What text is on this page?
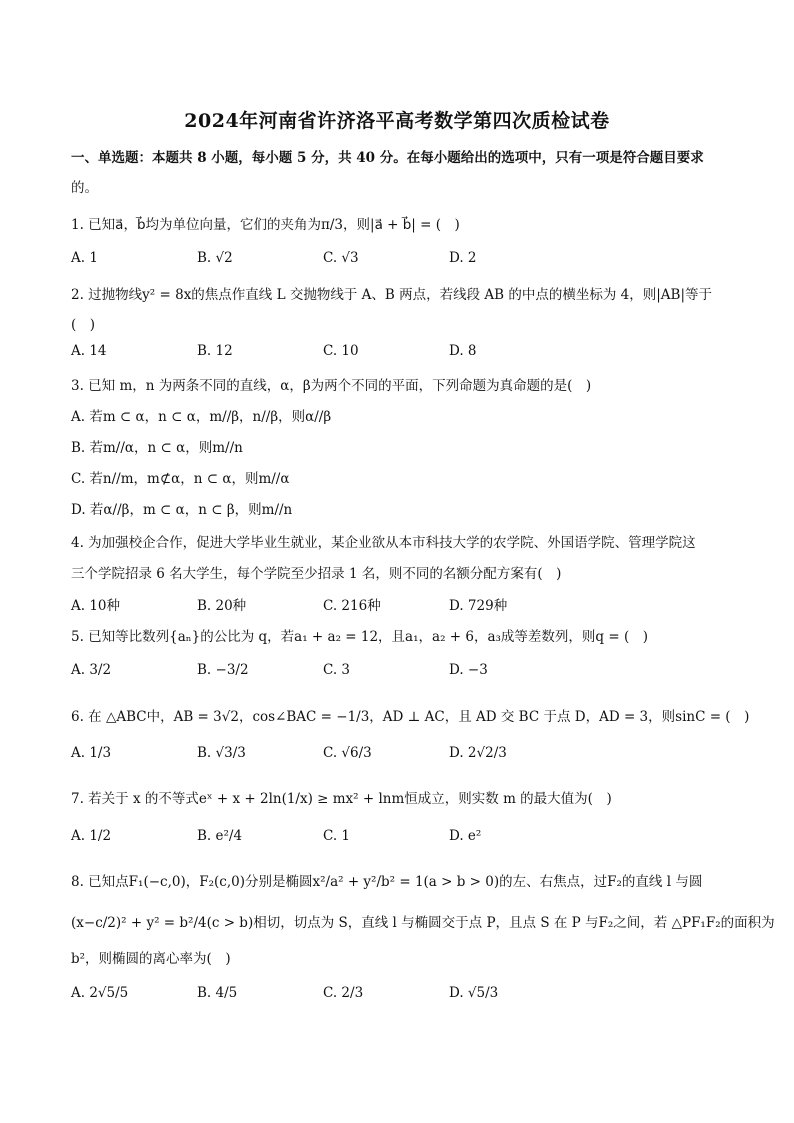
2024年河南省许济洛平高考数学第四次质检试卷
一、单选题：本题共 8 小题，每小题 5 分，共 40 分。在每小题给出的选项中，只有一项是符合题目要求
的。
1. 已知a⃗，b⃗均为单位向量，它们的夹角为π/3，则|a⃗ + b⃗| = (　)
A. 1	B. √2	C. √3	D. 2
2. 过抛物线y² = 8x的焦点作直线 L 交抛物线于 A、B 两点，若线段 AB 的中点的横坐标为 4，则|AB|等于
(　)
A. 14	B. 12	C. 10	D. 8
3. 已知 m，n 为两条不同的直线，α，β为两个不同的平面，下列命题为真命题的是(　)
A. 若m ⊂ α，n ⊂ α，m//β，n//β，则α//β
B. 若m//α，n ⊂ α，则m//n
C. 若n//m，m⊄α，n ⊂ α，则m//α
D. 若α//β，m ⊂ α，n ⊂ β，则m//n
4. 为加强校企合作，促进大学毕业生就业，某企业欲从本市科技大学的农学院、外国语学院、管理学院这
三个学院招录 6 名大学生，每个学院至少招录 1 名，则不同的名额分配方案有(　)
A. 10种	B. 20种	C. 216种	D. 729种
5. 已知等比数列{aₙ}的公比为 q，若a₁ + a₂ = 12，且a₁，a₂ + 6，a₃成等差数列，则q = (　)
A. 3/2	B. −3/2	C. 3	D. −3
6. 在 △ABC中，AB = 3√2，cos∠BAC = −1/3，AD ⊥ AC，且 AD 交 BC 于点 D，AD = 3，则sinC = (　)
A. 1/3	B. √3/3	C. √6/3	D. 2√2/3
7. 若关于 x 的不等式eˣ + x + 2ln(1/x) ≥ mx² + lnm恒成立，则实数 m 的最大值为(　)
A. 1/2	B. e²/4	C. 1	D. e²
8. 已知点F₁(−c,0)，F₂(c,0)分别是椭圆x²/a² + y²/b² = 1(a > b > 0)的左、右焦点，过F₂的直线 l 与圆
(x−c/2)² + y² = b²/4(c > b)相切，切点为 S，直线 l 与椭圆交于点 P，且点 S 在 P 与F₂之间，若 △PF₁F₂的面积为
b²，则椭圆的离心率为(　)
A. 2√5/5	B. 4/5	C. 2/3	D. √5/3
